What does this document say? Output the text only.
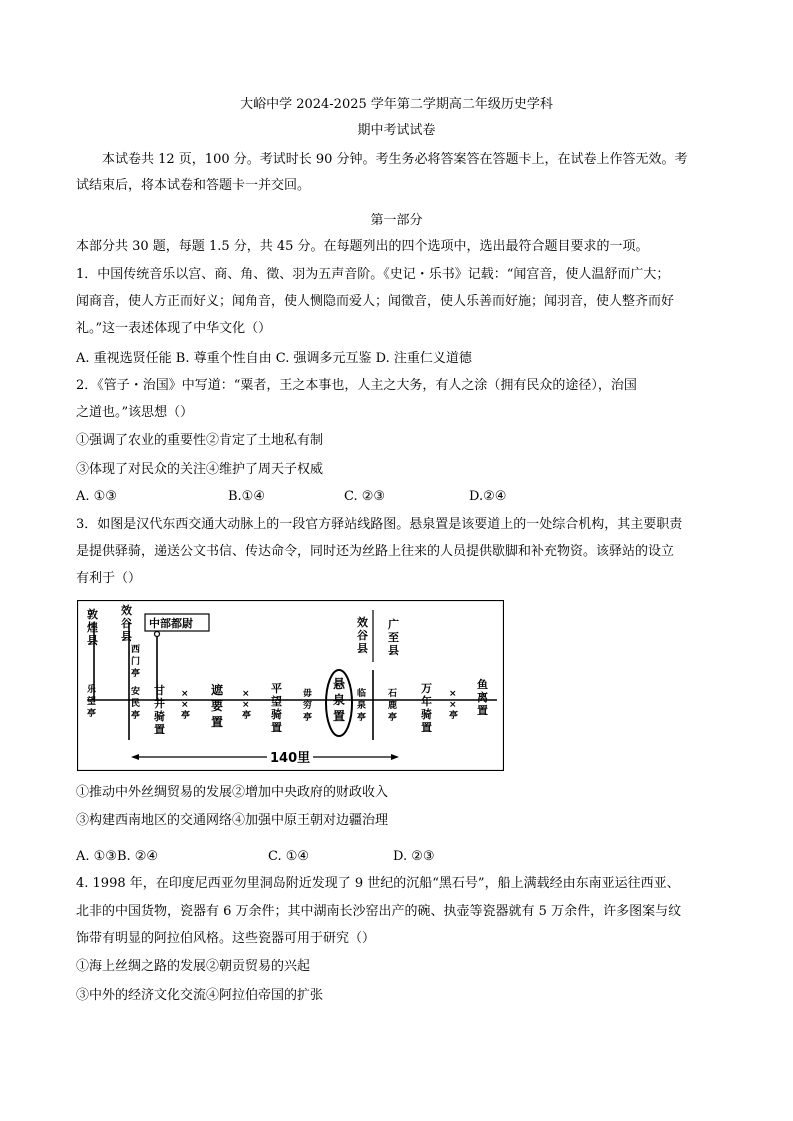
大峪中学 2024-2025 学年第二学期高二年级历史学科
期中考试试卷
本试卷共 12 页，100 分。考试时长 90 分钟。考生务必将答案答在答题卡上，在试卷上作答无效。考
试结束后，将本试卷和答题卡一并交回。
第一部分
本部分共 30 题，每题 1.5 分，共 45 分。在每题列出的四个选项中，选出最符合题目要求的一项。
1．中国传统音乐以宫、商、角、徵、羽为五声音阶。《史记・乐书》记载：“闻宫音，使人温舒而广大；
闻商音，使人方正而好义；闻角音，使人恻隐而爱人；闻徵音，使人乐善而好施；闻羽音，使人整齐而好
礼。”这一表述体现了中华文化（）
A. 重视选贤任能 B. 尊重个性自由 C. 强调多元互鉴 D. 注重仁义道德
2．《管子・治国》中写道：“粟者，王之本事也，人主之大务，有人之涂（拥有民众的途径），治国
之道也。”该思想（）
①强调了农业的重要性②肯定了土地私有制
③体现了对民众的关注④维护了周天子权威
A. ①③	B.①④	C. ②③	D.②④
3．如图是汉代东西交通大动脉上的一段官方驿站线路图。悬泉置是该要道上的一处综合机构，其主要职责
是提供驿骑，递送公文书信、传达命令，同时还为丝路上往来的人员提供歇脚和补充物资。该驿站的设立
有利于（）
敦煌县
效谷县
中部都尉
西门亭
乐望亭
安民亭
甘井骑置
× ×亭
遮要置
× ×亭
平望骑置
毋穷亭
悬泉置
临泉亭
效谷县
广至县
石鹿亭
万年骑置
× ×亭
鱼离置
140里
①推动中外丝绸贸易的发展②增加中央政府的财政收入
③构建西南地区的交通网络④加强中原王朝对边疆治理
A. ①③B. ②④	C. ①④	D. ②③
4. 1998 年，在印度尼西亚勿里洞岛附近发现了 9 世纪的沉船“黑石号”，船上满载经由东南亚运往西亚、
北非的中国货物，瓷器有 6 万余件；其中湖南长沙窑出产的碗、执壶等瓷器就有 5 万余件，许多图案与纹
饰带有明显的阿拉伯风格。这些瓷器可用于研究（）
①海上丝绸之路的发展②朝贡贸易的兴起
③中外的经济文化交流④阿拉伯帝国的扩张
